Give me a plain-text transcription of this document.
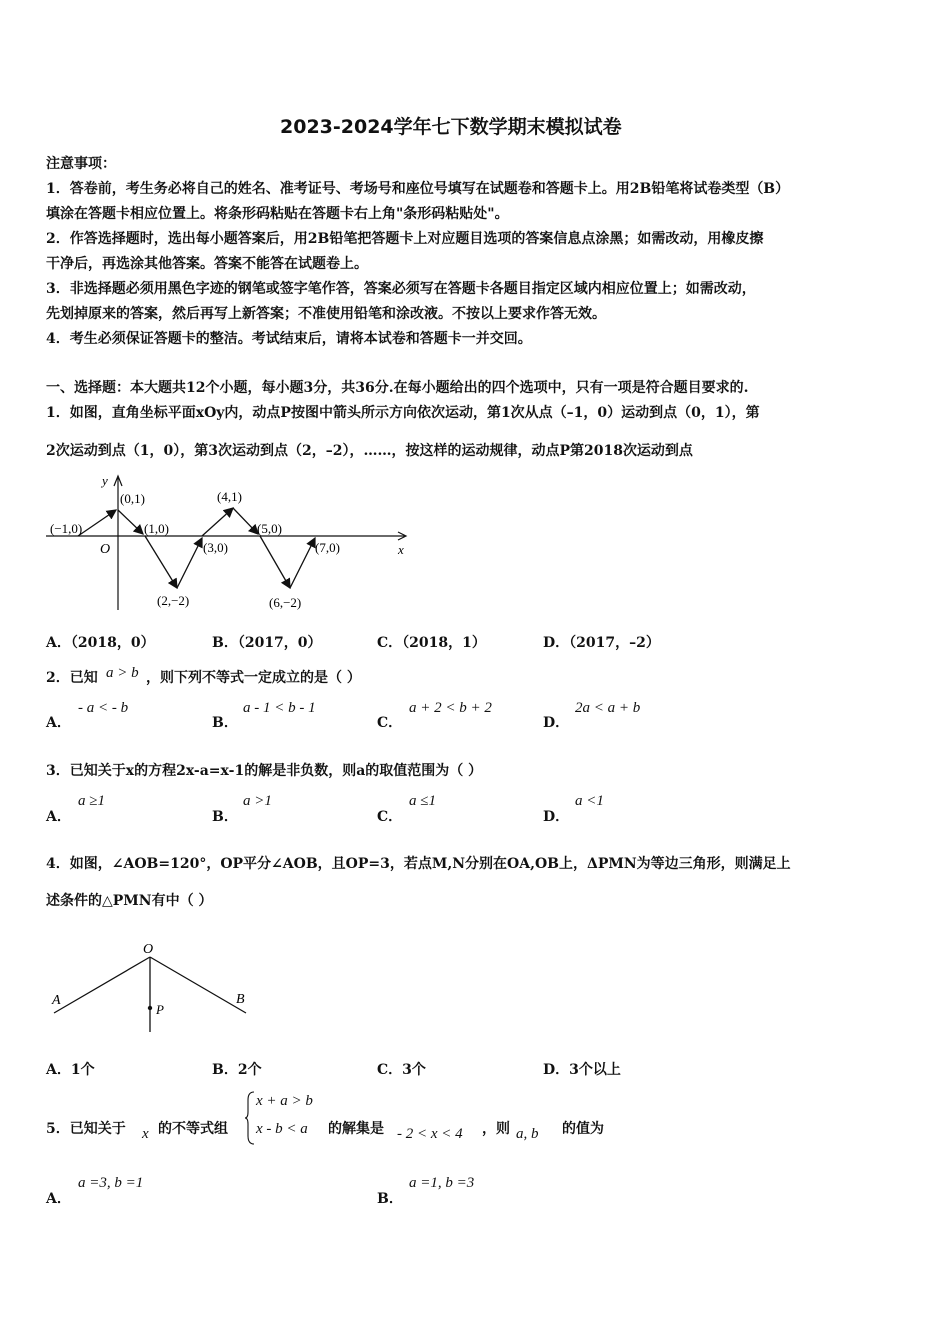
2023-2024学年七下数学期末模拟试卷
注意事项：
1．答卷前，考生务必将自己的姓名、准考证号、考场号和座位号填写在试题卷和答题卡上。用2B铅笔将试卷类型（B）
填涂在答题卡相应位置上。将条形码粘贴在答题卡右上角"条形码粘贴处"。
2．作答选择题时，选出每小题答案后，用2B铅笔把答题卡上对应题目选项的答案信息点涂黑；如需改动，用橡皮擦
干净后，再选涂其他答案。答案不能答在试题卷上。
3．非选择题必须用黑色字迹的钢笔或签字笔作答，答案必须写在答题卡各题目指定区域内相应位置上；如需改动，
先划掉原来的答案，然后再写上新答案；不准使用铅笔和涂改液。不按以上要求作答无效。
4．考生必须保证答题卡的整洁。考试结束后，请将本试卷和答题卡一并交回。
一、选择题：本大题共12个小题，每小题3分，共36分.在每小题给出的四个选项中，只有一项是符合题目要求的.
1．如图，直角坐标平面xOy内，动点P按图中箭头所示方向依次运动，第1次从点（–1，0）运动到点（0，1），第
2次运动到点（1，0），第3次运动到点（2，–2），……，按这样的运动规律，动点P第2018次运动到点
y
x
O
(−1,0)
(0,1)
(1,0)
(2,−2)
(3,0)
(4,1)
(5,0)
(6,−2)
(7,0)
A．（2018，0）	B．（2017，0）	C．（2018，1）	D．（2017，–2）
2．已知 a > b ，则下列不等式一定成立的是（ ）
A．
- a < - b
B．
a - 1 < b - 1
C．
a + 2 < b + 2
D．
2a < a + b
3．已知关于x的方程2x-a=x-1的解是非负数，则a的取值范围为（ ）
A．
a ≥1
B．
a >1
C．
a ≤1
D．
a <1
4．如图，∠AOB=120°，OP平分∠AOB，且OP=3，若点M,N分别在OA,OB上，ΔPMN为等边三角形，则满足上
述条件的△PMN有中（ ）
O
A	B
P
A．1个	B．2个	C．3个	D．3个以上
5．已知关于 x 的不等式组
x + a > b
x - b < a 的解集是 - 2 < x < 4 ，则 a, b 的值为
A．
a =3, b =1
B．
a =1, b =3
